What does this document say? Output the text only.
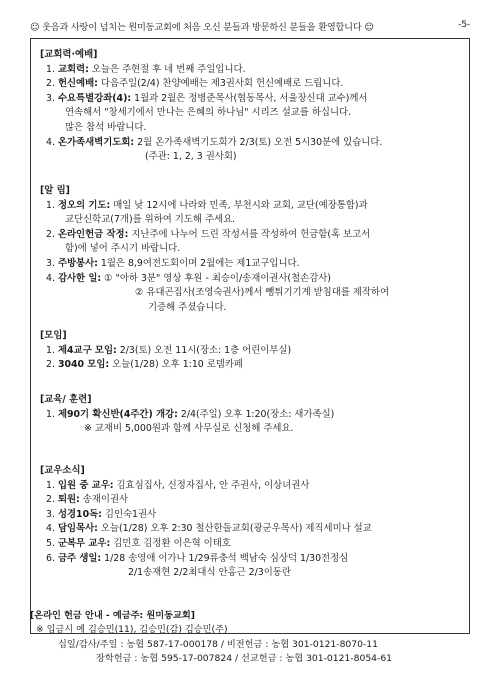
☺ 웃음과 사랑이 넘치는 원미동교회에 처음 오신 분들과 방문하신 분들을 환영합니다 ☺	-5-
[교회력·예배]
1. 교회력: 오늘은 주현절 후 네 번째 주일입니다.
2. 헌신예배: 다음주일(2/4) 찬양예배는 제3권사회 헌신예배로 드립니다.
3. 수요특별강좌(4): 1월과 2월은 정병준목사(협동목사, 서울장신대 교수)께서
연속해서 "창세기에서 만나는 은혜의 하나님" 시리즈 설교를 하십니다.
많은 참석 바랍니다.
4. 온가족새벽기도회: 2월 온가족새벽기도회가 2/3(토) 오전 5시30분에 있습니다.
(주관: 1, 2, 3 권사회)
[알 림]
1. 정오의 기도: 매일 낮 12시에 나라와 민족, 부천시와 교회, 교단(예장통합)과
교단신학교(7개)를 위하여 기도해 주세요.
2. 온라인헌금 작정: 지난주에 나누어 드린 작성서를 작성하여 헌금함(혹 보고서
함)에 넣어 주시기 바랍니다.
3. 주방봉사: 1월은 8,9여전도회이며 2월에는 제1교구입니다.
4. 감사한 일: ① "아하 3분" 영상 후원 - 최승이/송재이권사(철손감사)
② 유대곤집사(조영숙권사)께서 뺑튀기기계 받침대를 제작하여
기증해 주셨습니다.
[모임]
1. 제4교구 모임: 2/3(토) 오전 11시(장소: 1층 어린이부실)
2. 3040 모임: 오늘(1/28) 오후 1:10 로뎀카페
[교육/ 훈련]
1. 제90기 확신반(4주간) 개강: 2/4(주일) 오후 1:20(장소: 새가족실)
※ 교재비 5,000원과 함께 사무실로 신청해 주세요.
[교우소식]
1. 입원 중 교우: 김효심집사, 신정자집사, 안 주권사, 이상녀권사
2. 퇴원: 송재이권사
3. 성경10독: 김인숙1권사
4. 담임목사: 오늘(1/28) 오후 2:30 철산한돌교회(광군우목사) 제직세미나 설교
5. 군복무 교우: 김민호 김정환 이은혁 이태호
6. 금주 생일: 1/28 송영애 이가나 1/29류충석 백남숙 심상덕 1/30전정심
2/1송재현 2/2최대식 안홍근 2/3이동란
[온라인 헌금 안내 - 예금주: 원미동교회]
※ 입금시 예 김승민(11), 김승민(감) 김승민(주)
십일/감사/주일 : 농협 587-17-000178 / 비전헌금 : 농협 301-0121-8070-11
장학헌금 : 농협 595-17-007824 / 선교헌금 : 농협 301-0121-8054-61
